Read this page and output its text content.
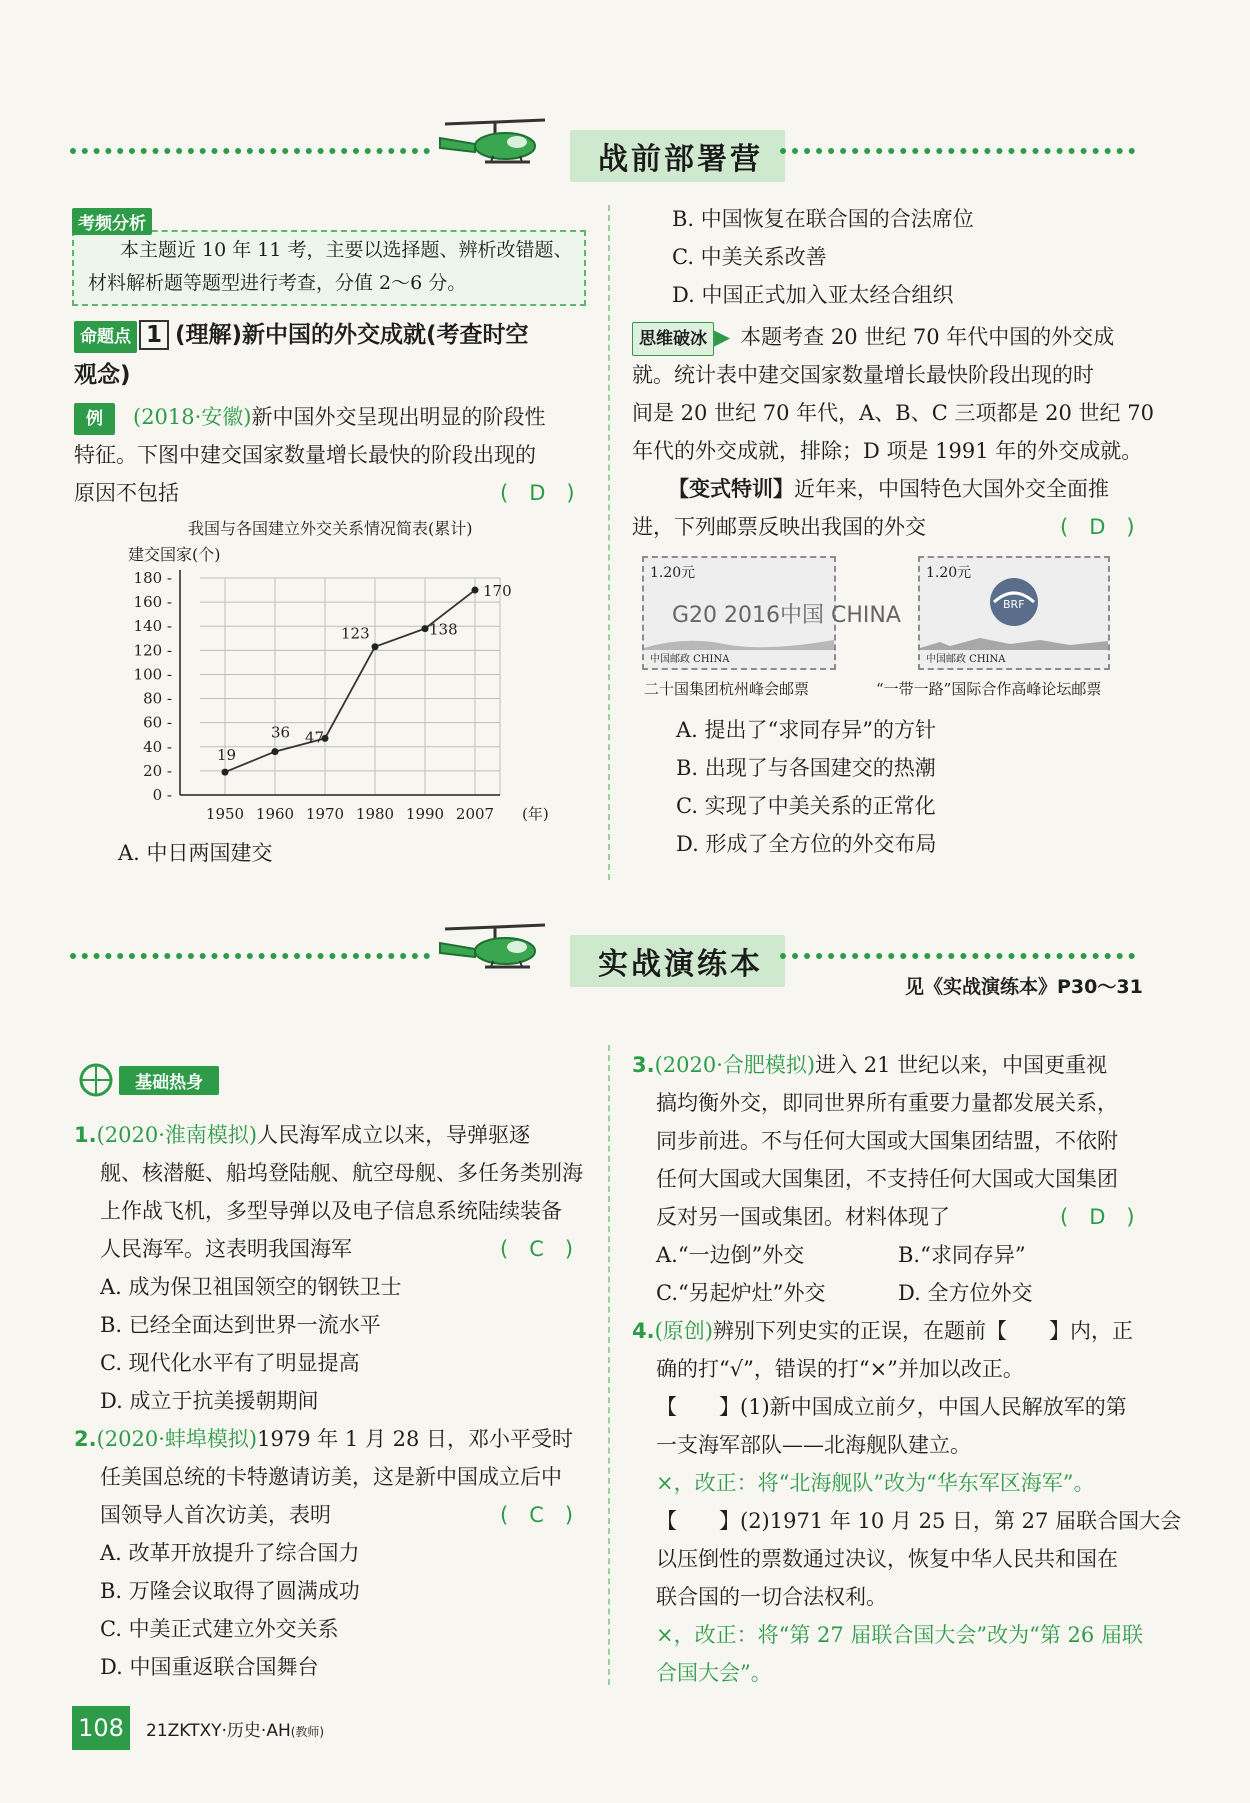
战前部署营
考频分析
本主题近 10 年 11 考，主要以选择题、辨析改错题、
材料解析题等题型进行考查，分值 2～6 分。
命题点 1 (理解)新中国的外交成就(考查时空
观念)
例 (2018·安徽)新中国外交呈现出明显的阶段性
特征。下图中建交国家数量增长最快的阶段出现的
原因不包括	(　D　)
我国与各国建立外交关系情况简表(累计)
建交国家(个)
0 -
20 -
40 -
60 -
80 -
100 -
120 -
140 -
160 -
180 -
1950 1960 1970 1980 1990 2007 (年)
19
36 47
123	138
170
A. 中日两国建交
B. 中国恢复在联合国的合法席位
C. 中美关系改善
D. 中国正式加入亚太经合组织
思维破冰 ▶ 本题考查 20 世纪 70 年代中国的外交成
就。统计表中建交国家数量增长最快阶段出现的时
间是 20 世纪 70 年代，A、B、C 三项都是 20 世纪 70
年代的外交成就，排除；D 项是 1991 年的外交成就。
【变式特训】近年来，中国特色大国外交全面推
进，下列邮票反映出我国的外交	(　D　)
1.20元
G20 2016中国 CHINA
中国邮政 CHINA
二十国集团杭州峰会邮票
1.20元
BRF
中国邮政 CHINA
“一带一路”国际合作高峰论坛邮票
A. 提出了“求同存异”的方针
B. 出现了与各国建交的热潮
C. 实现了中美关系的正常化
D. 形成了全方位的外交布局
实战演练本
见《实战演练本》P30～31
基础热身
1.(2020·淮南模拟)人民海军成立以来，导弹驱逐
舰、核潜艇、船坞登陆舰、航空母舰、多任务类别海
上作战飞机，多型导弹以及电子信息系统陆续装备
人民海军。这表明我国海军	(　C　)
A. 成为保卫祖国领空的钢铁卫士
B. 已经全面达到世界一流水平
C. 现代化水平有了明显提高
D. 成立于抗美援朝期间
2.(2020·蚌埠模拟)1979 年 1 月 28 日，邓小平受时
任美国总统的卡特邀请访美，这是新中国成立后中
国领导人首次访美，表明	(　C　)
A. 改革开放提升了综合国力
B. 万隆会议取得了圆满成功
C. 中美正式建立外交关系
D. 中国重返联合国舞台
3.(2020·合肥模拟)进入 21 世纪以来，中国更重视
搞均衡外交，即同世界所有重要力量都发展关系，
同步前进。不与任何大国或大国集团结盟，不依附
任何大国或大国集团，不支持任何大国或大国集团
反对另一国或集团。材料体现了	(　D　)
A.“一边倒”外交	B.“求同存异”
C.“另起炉灶”外交	D. 全方位外交
4.(原创)辨别下列史实的正误，在题前【　　】内，正
确的打“√”，错误的打“×”并加以改正。
【　　】(1)新中国成立前夕，中国人民解放军的第
一支海军部队——北海舰队建立。
×，改正：将“北海舰队”改为“华东军区海军”。
【　　】(2)1971 年 10 月 25 日，第 27 届联合国大会
以压倒性的票数通过决议，恢复中华人民共和国在
联合国的一切合法权利。
×，改正：将“第 27 届联合国大会”改为“第 26 届联
合国大会”。
108	21ZKTXY·历史·AH(教师)
